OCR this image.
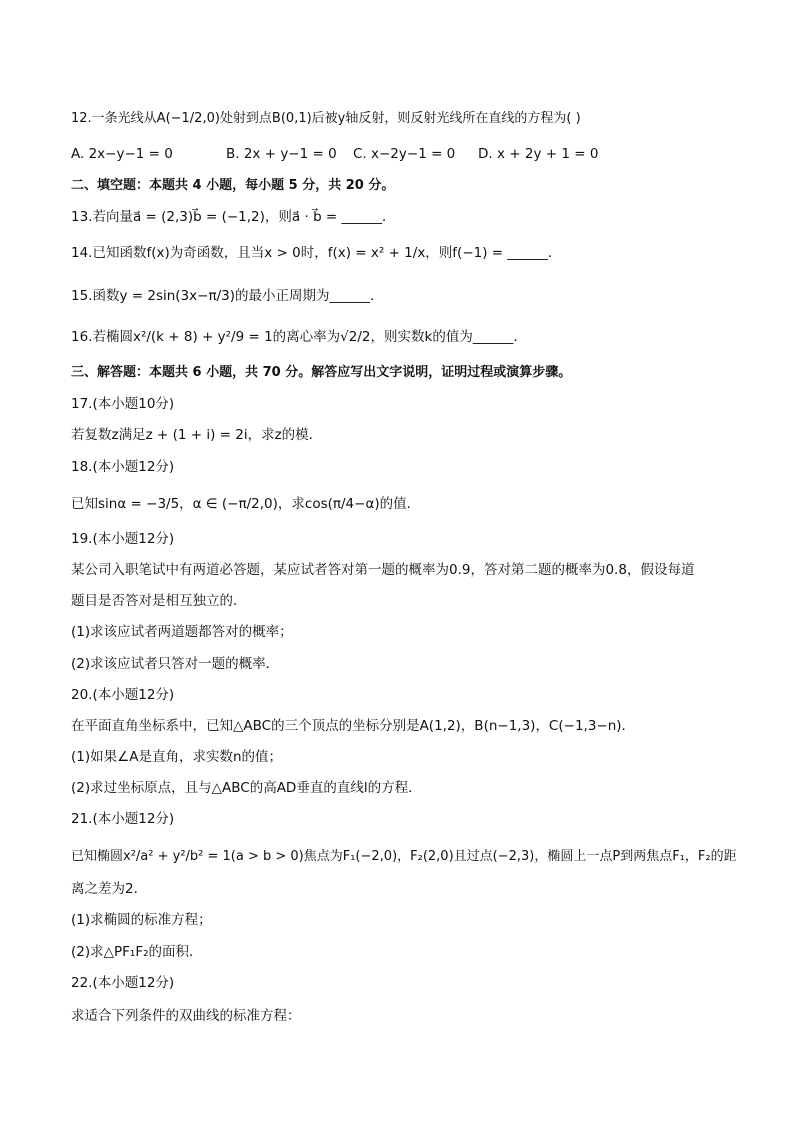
12.一条光线从A(−1/2,0)处射到点B(0,1)后被y轴反射，则反射光线所在直线的方程为( )
A. 2x−y−1 = 0	B. 2x + y−1 = 0 C. x−2y−1 = 0 D. x + 2y + 1 = 0
二、填空题：本题共 4 小题，每小题 5 分，共 20 分。
13.若向量a⃗ = (2,3)b⃗ = (−1,2)，则a⃗ · b⃗ = ______．
14.已知函数f(x)为奇函数，且当x > 0时，f(x) = x² + 1/x，则f(−1) = ______．
15.函数y = 2sin(3x−π/3)的最小正周期为______．
16.若椭圆x²/(k + 8) + y²/9 = 1的离心率为√2/2，则实数k的值为______．
三、解答题：本题共 6 小题，共 70 分。解答应写出文字说明，证明过程或演算步骤。
17.(本小题10分)
若复数z满足z + (1 + i) = 2i，求z的模．
18.(本小题12分)
已知sinα = −3/5，α ∈ (−π/2,0)，求cos(π/4−α)的值．
19.(本小题12分)
某公司入职笔试中有两道必答题，某应试者答对第一题的概率为0.9，答对第二题的概率为0.8，假设每道
题目是否答对是相互独立的．
(1)求该应试者两道题都答对的概率；
(2)求该应试者只答对一题的概率．
20.(本小题12分)
在平面直角坐标系中，已知△ABC的三个顶点的坐标分别是A(1,2)，B(n−1,3)，C(−1,3−n)．
(1)如果∠A是直角，求实数n的值；
(2)求过坐标原点，且与△ABC的高AD垂直的直线l的方程．
21.(本小题12分)
已知椭圆x²/a² + y²/b² = 1(a > b > 0)焦点为F₁(−2,0)，F₂(2,0)且过点(−2,3)，椭圆上一点P到两焦点F₁，F₂的距
离之差为2．
(1)求椭圆的标准方程；
(2)求△PF₁F₂的面积．
22.(本小题12分)
求适合下列条件的双曲线的标准方程：
